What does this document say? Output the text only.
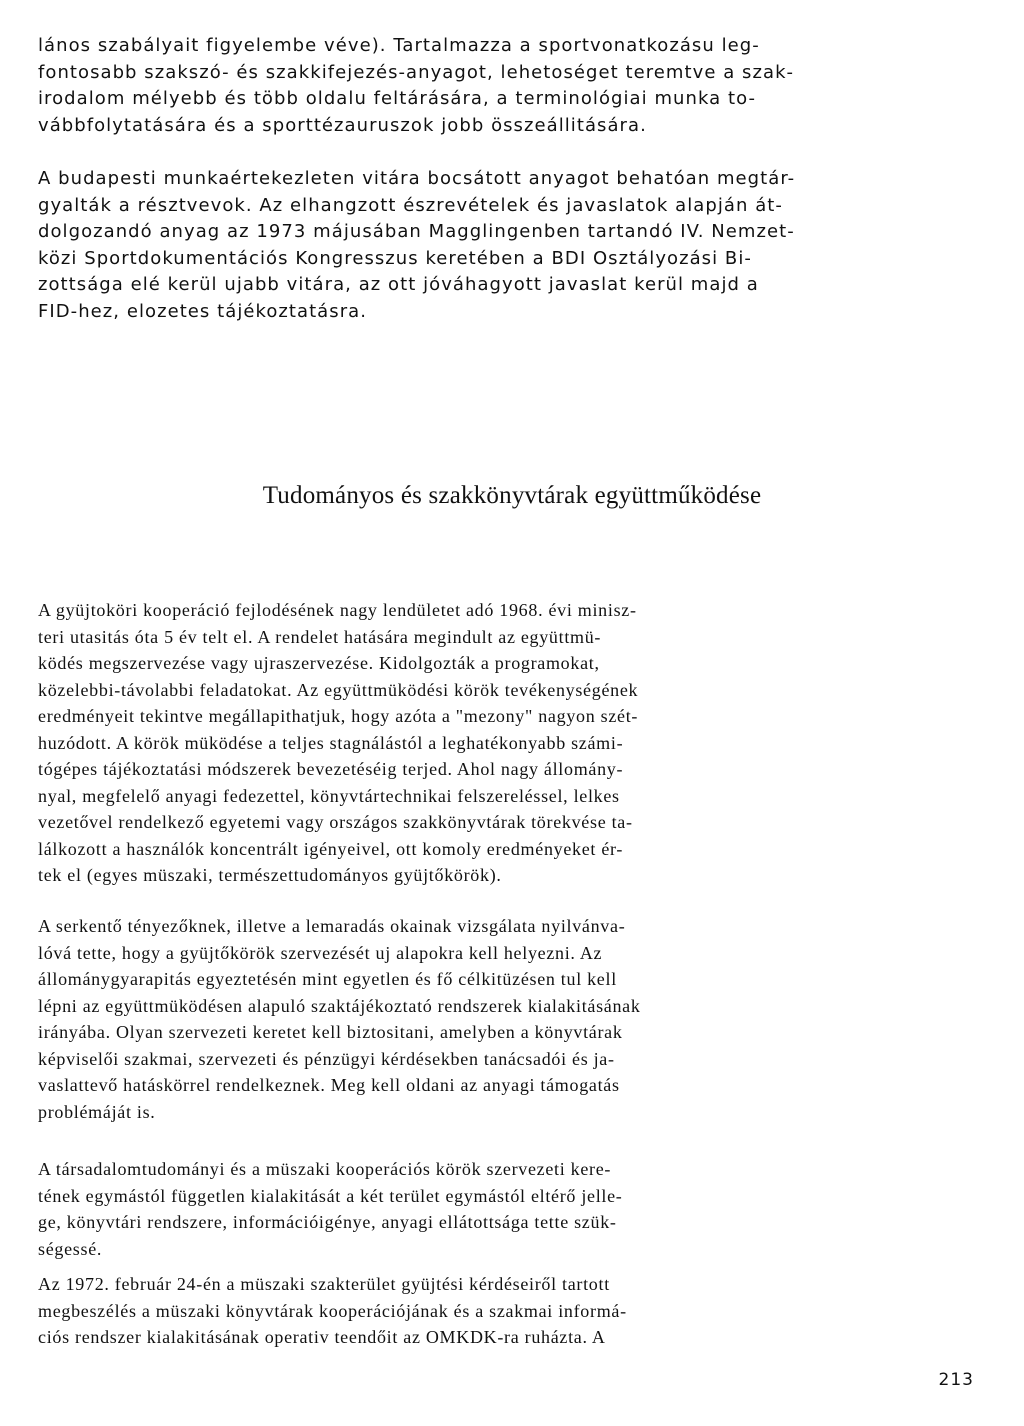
lános szabályait figyelembe véve). Tartalmazza a sportvonatkozásu leg-
fontosabb szakszó- és szakkifejezés-anyagot, lehetoséget teremtve a szak-
irodalom mélyebb és több oldalu feltárására, a terminológiai munka to-
vábbfolytatására és a sporttézauruszok jobb összeállitására.
A budapesti munkaértekezleten vitára bocsátott anyagot behatóan megtár-
gyalták a résztvevok. Az elhangzott észrevételek és javaslatok alapján át-
dolgozandó anyag az 1973 májusában Magglingenben tartandó IV. Nemzet-
közi Sportdokumentációs Kongresszus keretében a BDI Osztályozási Bi-
zottsága elé kerül ujabb vitára, az ott jóváhagyott javaslat kerül majd a
FID-hez, elozetes tájékoztatásra.
Tudományos és szakkönyvtárak együttműködése
A gyüjtoköri kooperáció fejlodésének nagy lendületet adó 1968. évi minisz-
teri utasitás óta 5 év telt el. A rendelet hatására megindult az együttmü-
ködés megszervezése vagy ujraszervezése. Kidolgozták a programokat,
közelebbi-távolabbi feladatokat. Az együttmüködési körök tevékenységének
eredményeit tekintve megállapithatjuk, hogy azóta a "mezony" nagyon szét-
huzódott. A körök müködése a teljes stagnálástól a leghatékonyabb számi-
tógépes tájékoztatási módszerek bevezetéséig terjed. Ahol nagy állomány-
nyal, megfelelő anyagi fedezettel, könyvtártechnikai felszereléssel, lelkes
vezetővel rendelkező egyetemi vagy országos szakkönyvtárak törekvése ta-
lálkozott a használók koncentrált igényeivel, ott komoly eredményeket ér-
tek el (egyes müszaki, természettudományos gyüjtőkörök).
A serkentő tényezőknek, illetve a lemaradás okainak vizsgálata nyilvánva-
lóvá tette, hogy a gyüjtőkörök szervezését uj alapokra kell helyezni. Az
állománygyarapitás egyeztetésén mint egyetlen és fő célkitüzésen tul kell
lépni az együttmüködésen alapuló szaktájékoztató rendszerek kialakitásának
irányába. Olyan szervezeti keretet kell biztositani, amelyben a könyvtárak
képviselői szakmai, szervezeti és pénzügyi kérdésekben tanácsadói és ja-
vaslattevő hatáskörrel rendelkeznek. Meg kell oldani az anyagi támogatás
problémáját is.
A társadalomtudományi és a müszaki kooperációs körök szervezeti kere-
tének egymástól független kialakitását a két terület egymástól eltérő jelle-
ge, könyvtári rendszere, információigénye, anyagi ellátottsága tette szük-
ségessé.
Az 1972. február 24-én a müszaki szakterület gyüjtési kérdéseiről tartott
megbeszélés a müszaki könyvtárak kooperációjának és a szakmai informá-
ciós rendszer kialakitásának operativ teendőit az OMKDK-ra ruházta. A
213
